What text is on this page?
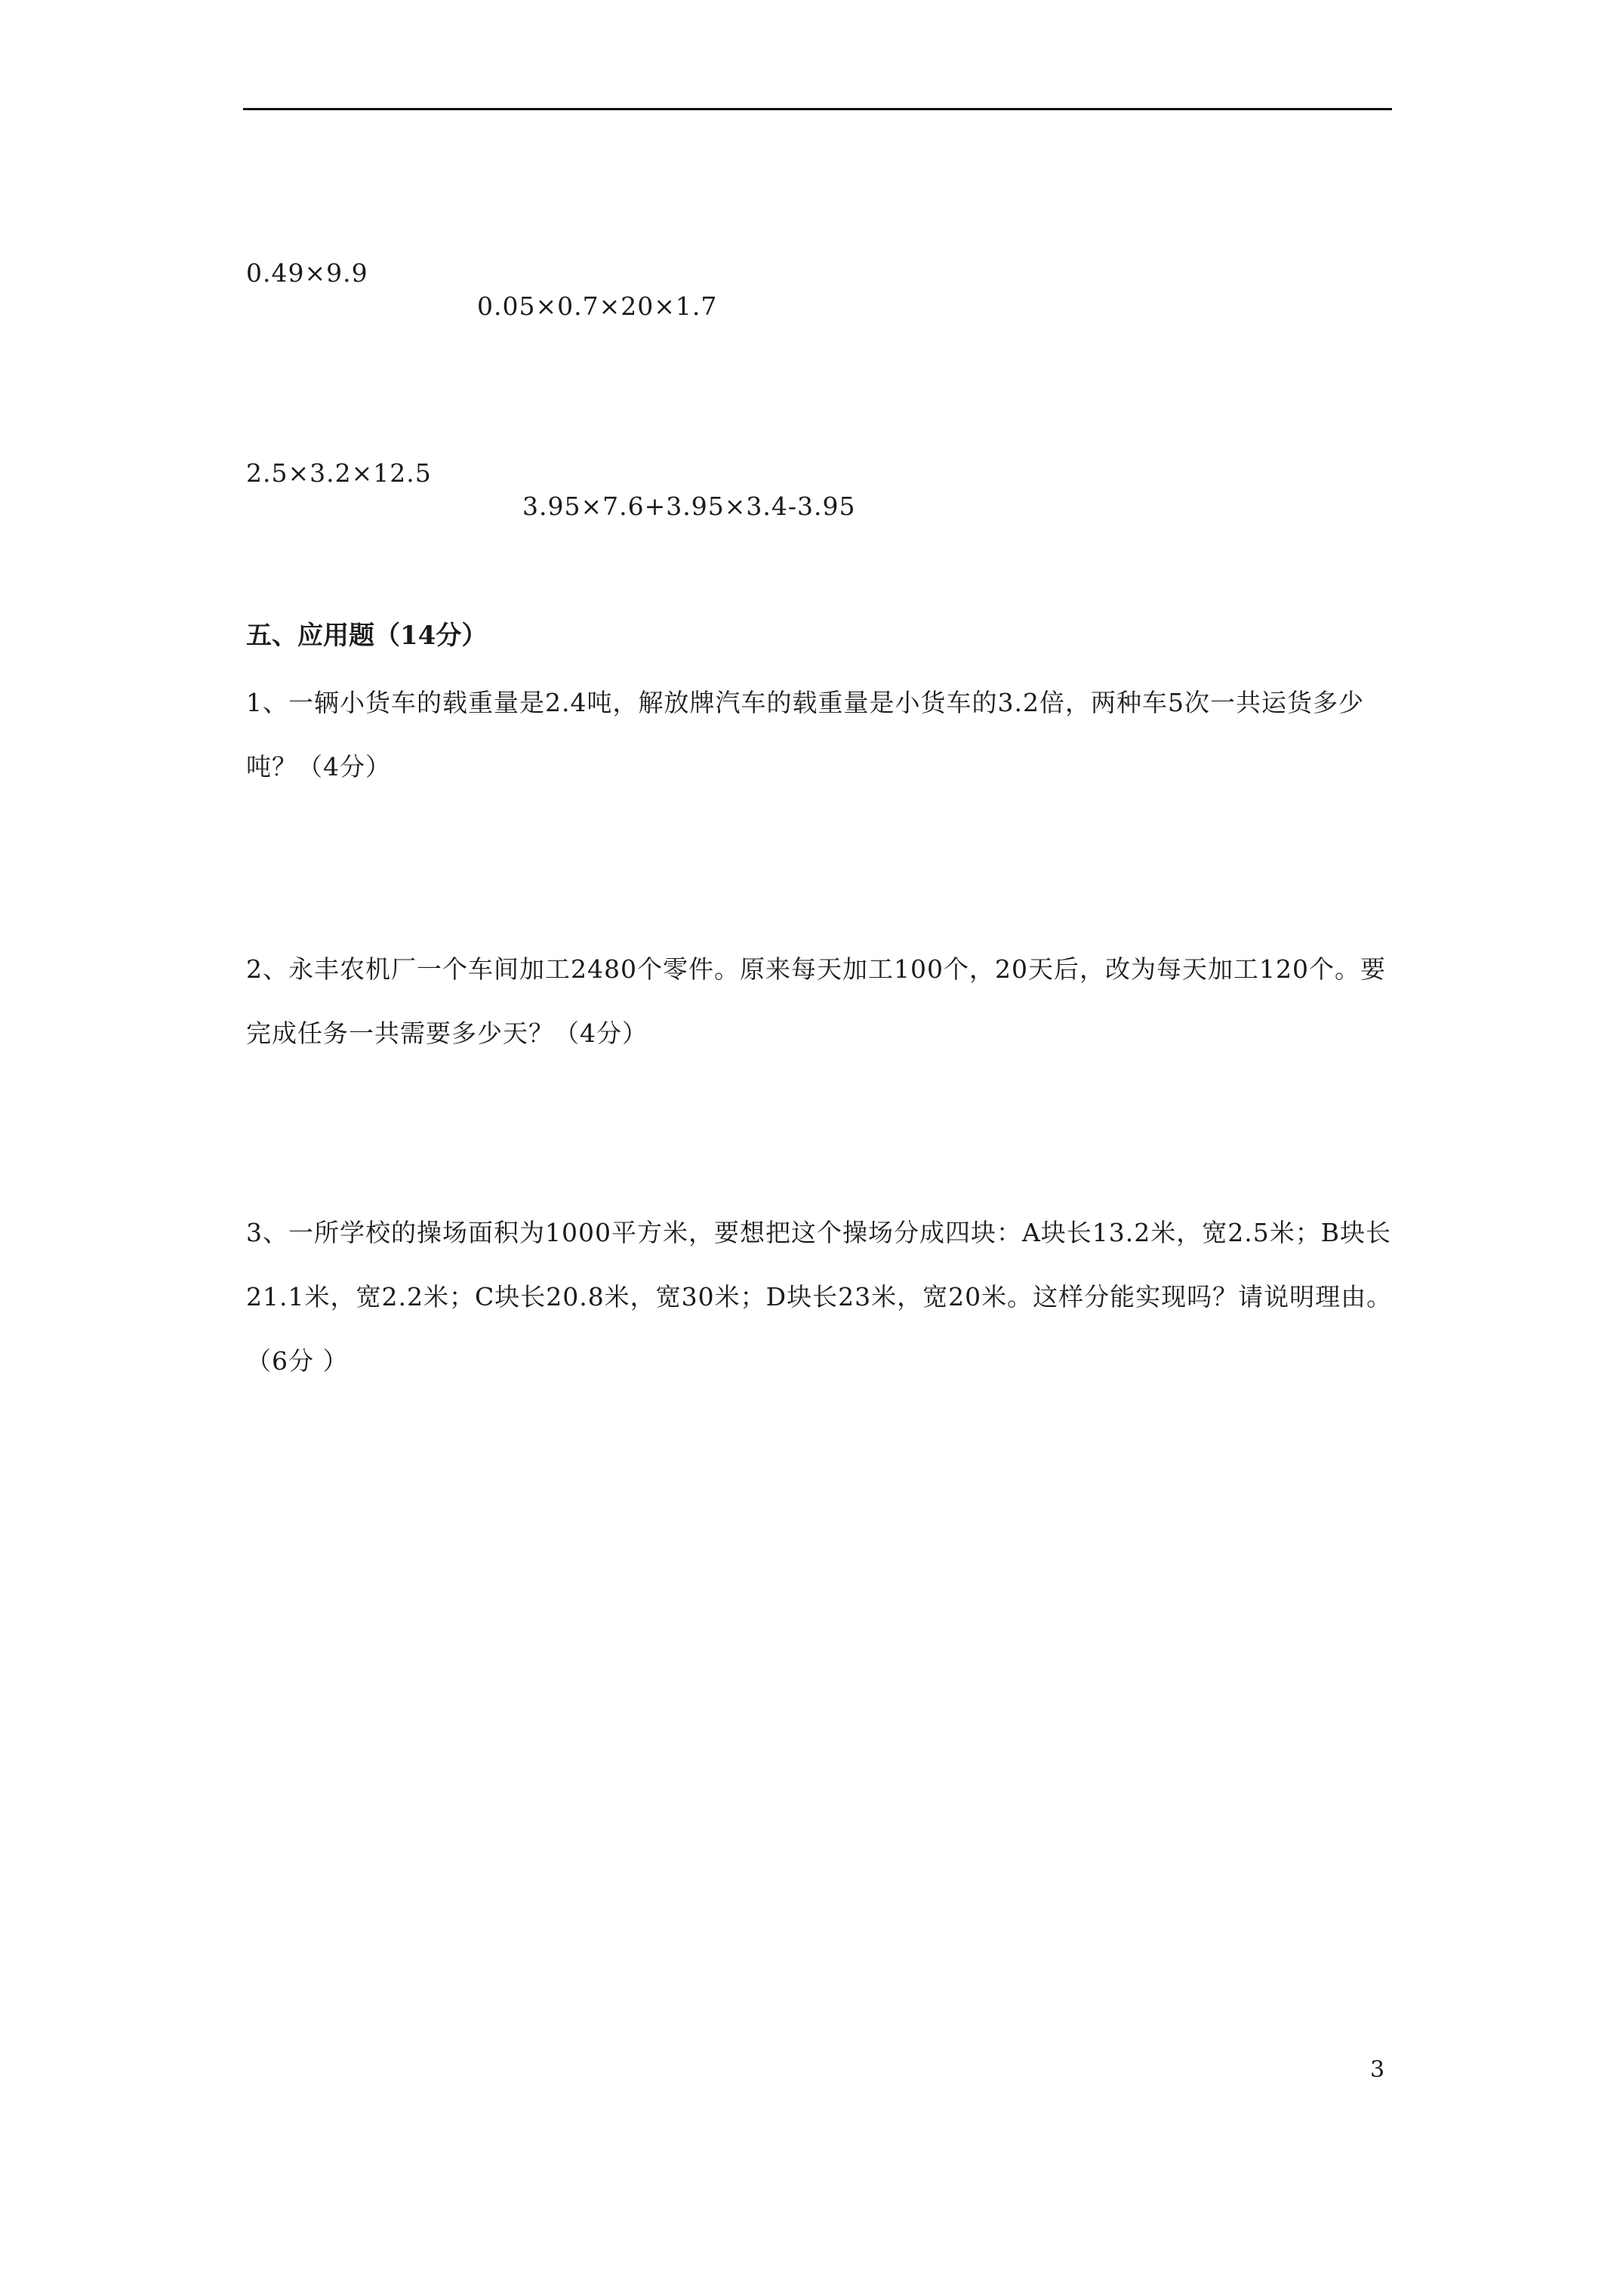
0.49×9.9

0.05×0.7×20×1.7

2.5×3.2×12.5

3.95×7.6+3.95×3.4-3.95

五、应用题（14分）
1、一辆小货车的载重量是2.4吨，解放牌汽车的载重量是小货车的3.2倍，两种车5次一共运货多少吨？（4分）
2、永丰农机厂一个车间加工2480个零件。原来每天加工100个，20天后，改为每天加工120个。要完成任务一共需要多少天？（4分）
3、一所学校的操场面积为1000平方米，要想把这个操场分成四块：A块长13.2米，宽2.5米；B块长21.1米，宽2.2米；C块长20.8米，宽30米；D块长23米，宽20米。这样分能实现吗？请说明理由。（6分 ）
3
